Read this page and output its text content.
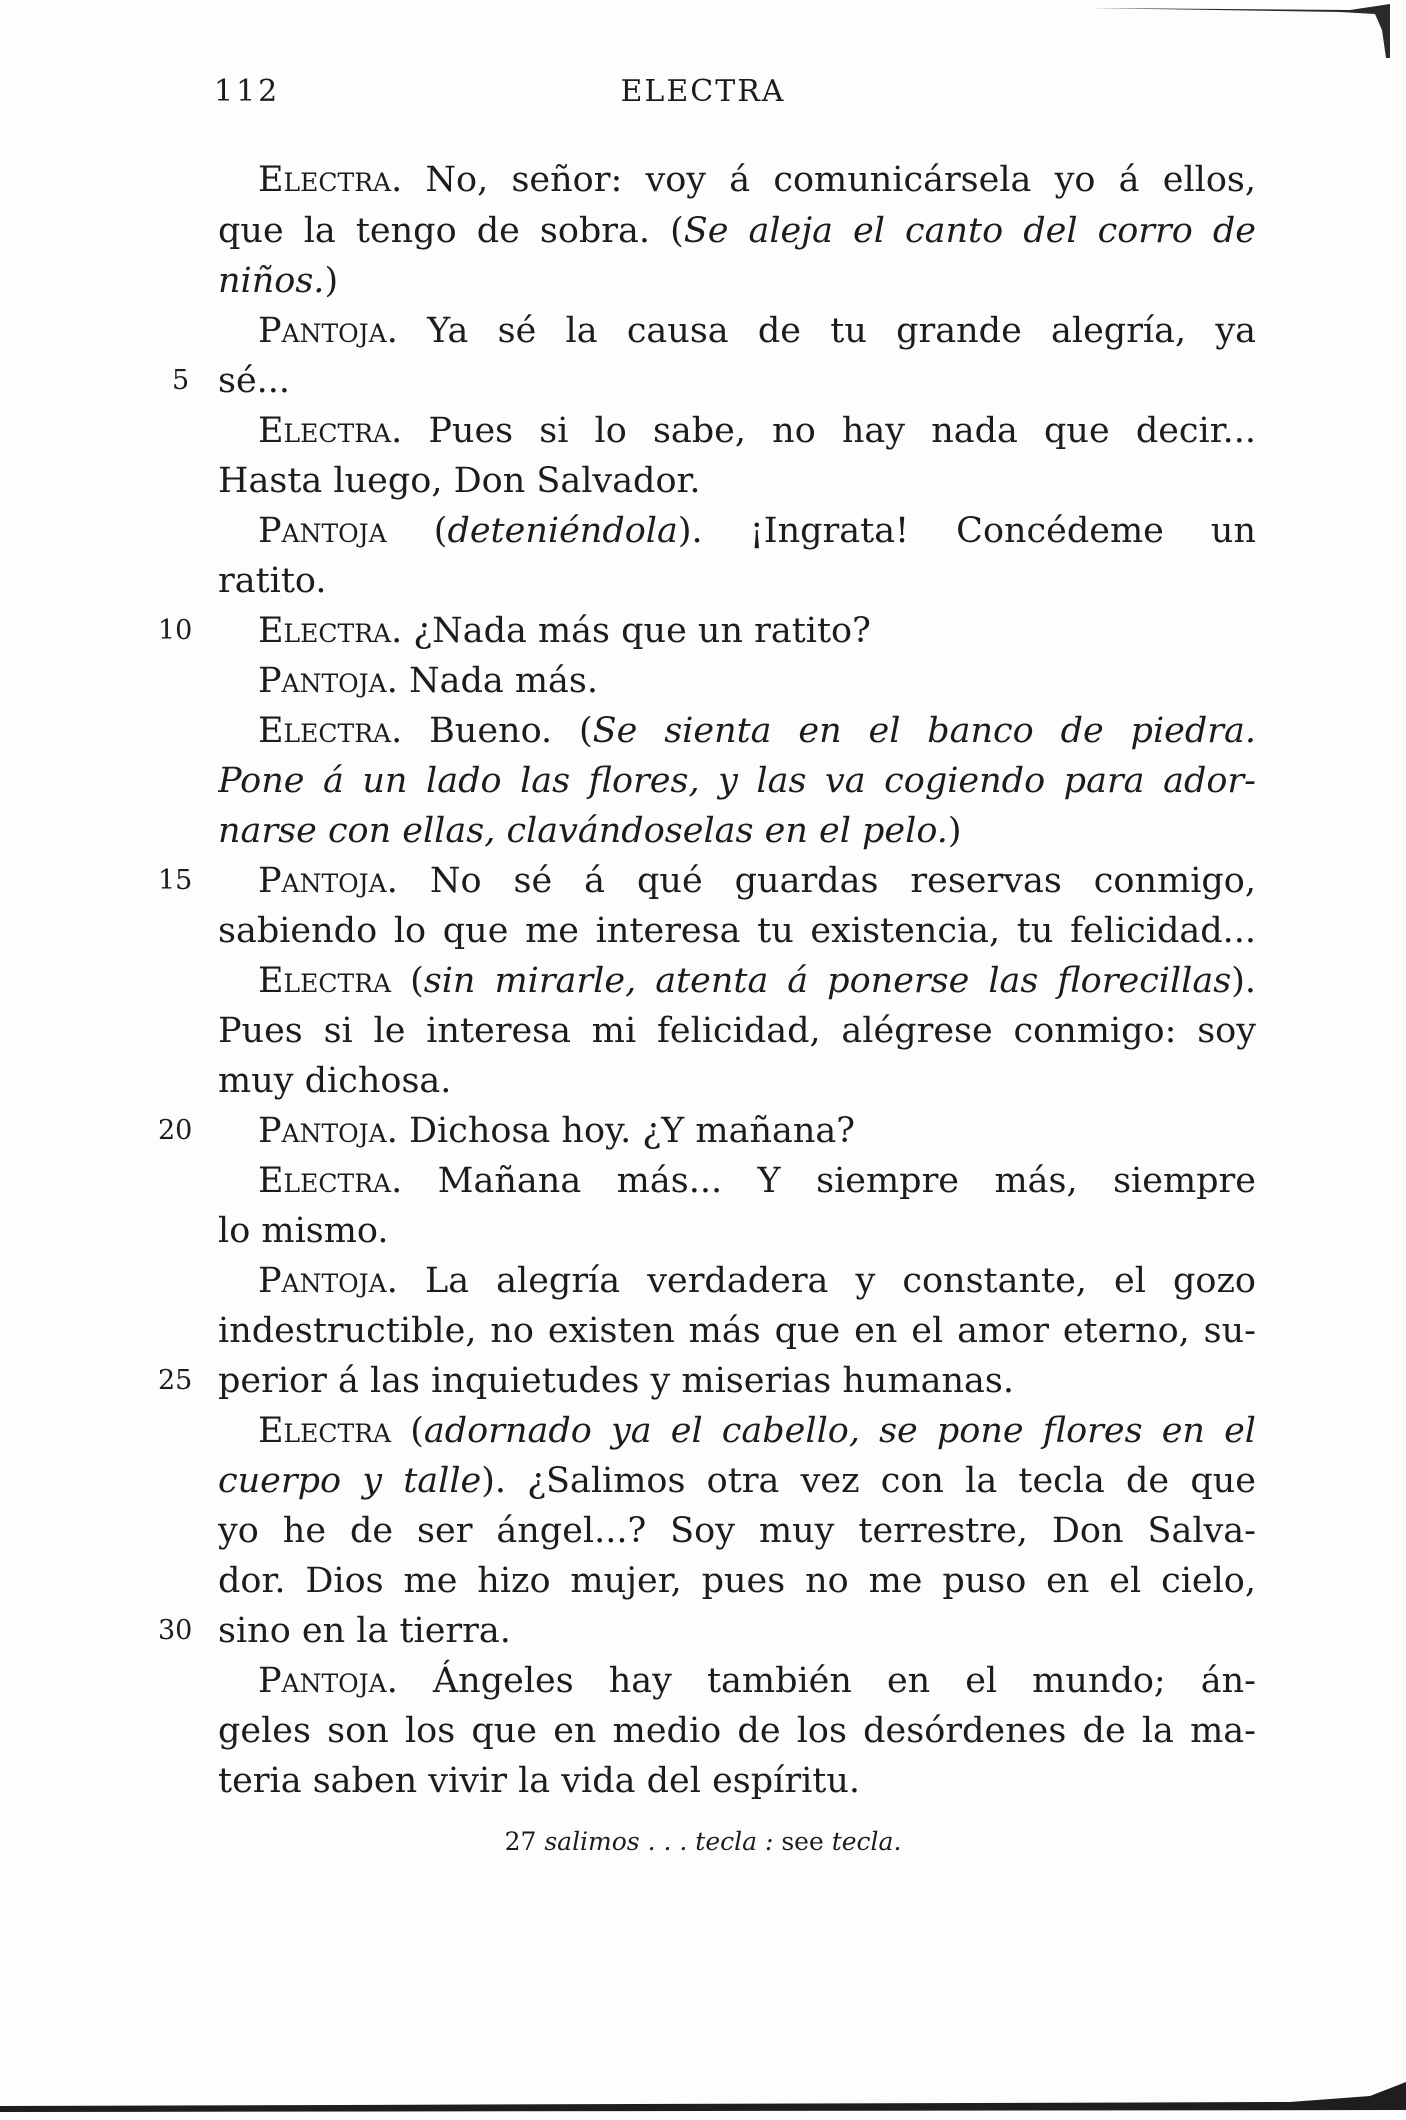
112	ELECTRA
Electra. No, señor: voy á comunicársela yo á ellos,
que la tengo de sobra. (Se aleja el canto del corro de
niños.)
Pantoja. Ya sé la causa de tu grande alegría, ya
5 sé...
Electra. Pues si lo sabe, no hay nada que decir...
Hasta luego, Don Salvador.
Pantoja (deteniéndola). ¡Ingrata! Concédeme un
ratito.
10	Electra. ¿Nada más que un ratito?
Pantoja. Nada más.
Electra. Bueno. (Se sienta en el banco de piedra.
Pone á un lado las flores, y las va cogiendo para ador-
narse con ellas, clavándoselas en el pelo.)
15	Pantoja. No sé á qué guardas reservas conmigo,
sabiendo lo que me interesa tu existencia, tu felicidad...
Electra (sin mirarle, atenta á ponerse las florecillas).
Pues si le interesa mi felicidad, alégrese conmigo: soy
muy dichosa.
20	Pantoja. Dichosa hoy. ¿Y mañana?
Electra. Mañana más... Y siempre más, siempre
lo mismo.
Pantoja. La alegría verdadera y constante, el gozo
indestructible, no existen más que en el amor eterno, su-
25 perior á las inquietudes y miserias humanas.
Electra (adornado ya el cabello, se pone flores en el
cuerpo y talle). ¿Salimos otra vez con la tecla de que
yo he de ser ángel...? Soy muy terrestre, Don Salva-
dor. Dios me hizo mujer, pues no me puso en el cielo,
30 sino en la tierra.
Pantoja. Ángeles hay también en el mundo; án-
geles son los que en medio de los desórdenes de la ma-
teria saben vivir la vida del espíritu.
27 salimos . . . tecla : see tecla.
